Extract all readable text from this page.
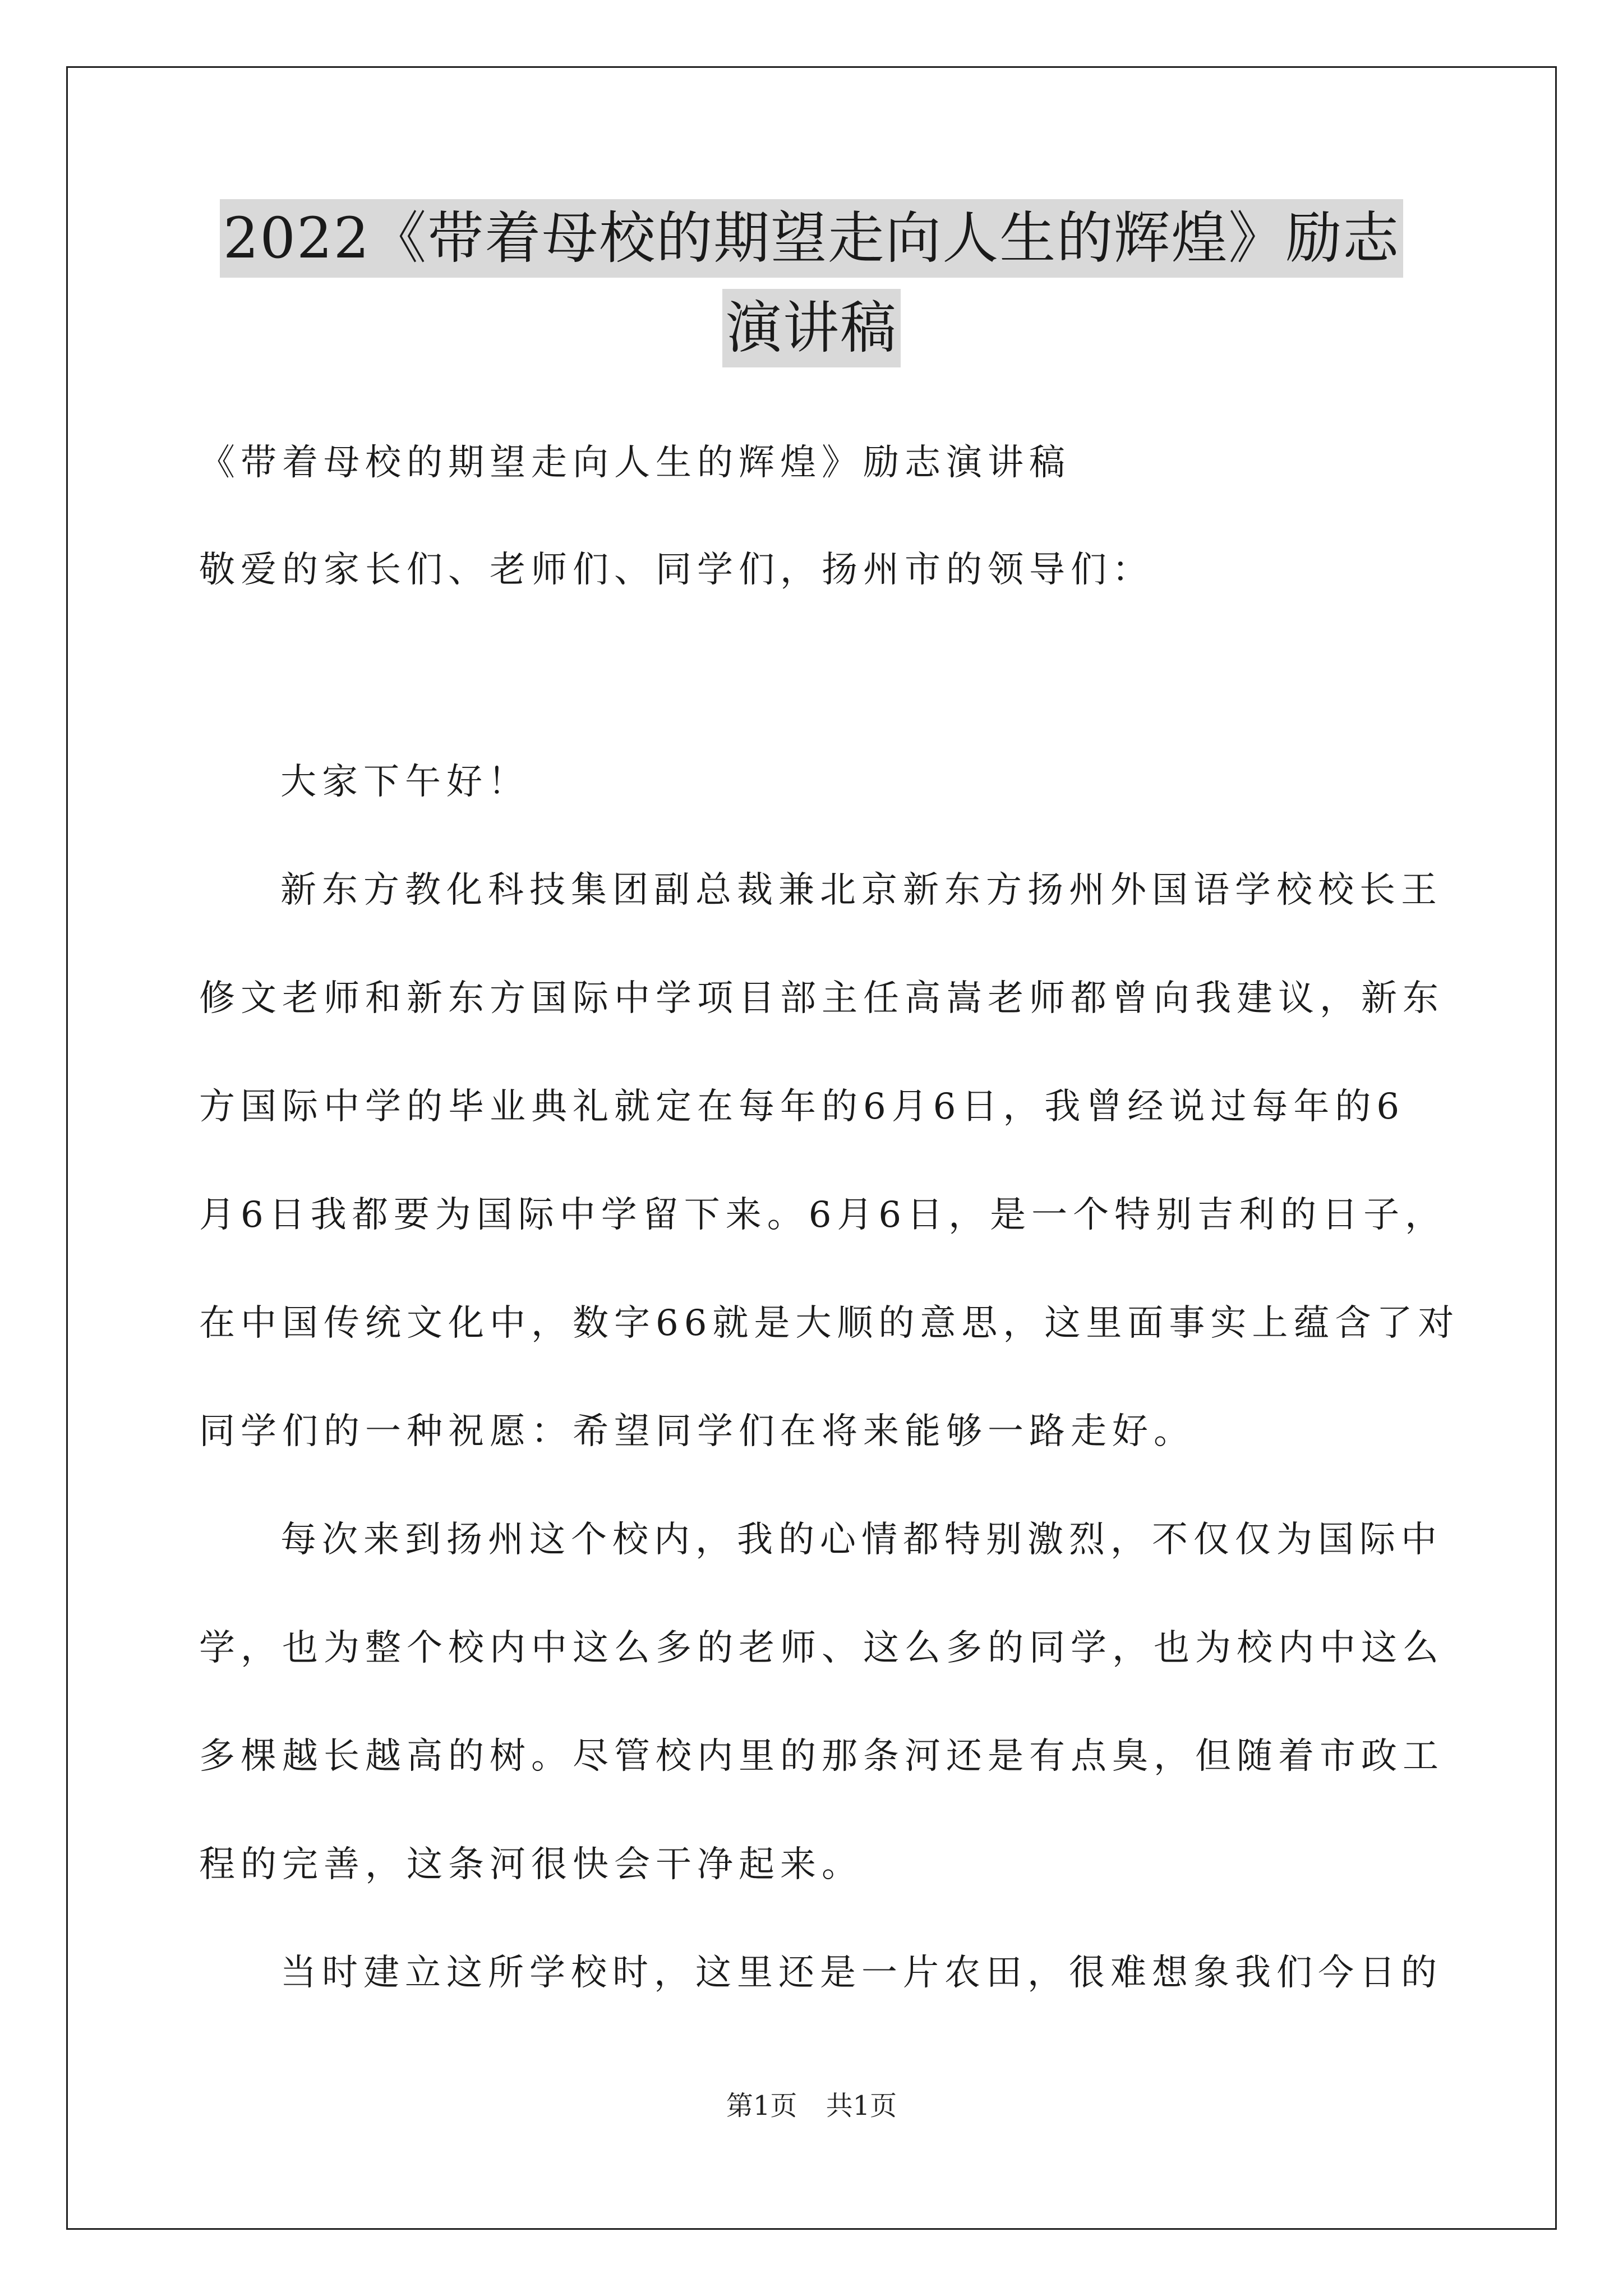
2022《带着母校的期望走向人生的辉煌》励志
演讲稿
《带着母校的期望走向人生的辉煌》励志演讲稿
敬爱的家长们、老师们、同学们，扬州市的领导们：
大家下午好！
新东方教化科技集团副总裁兼北京新东方扬州外国语学校校长王
修文老师和新东方国际中学项目部主任高嵩老师都曾向我建议，新东
方国际中学的毕业典礼就定在每年的6月6日，我曾经说过每年的6
月6日我都要为国际中学留下来。6月6日，是一个特别吉利的日子，
在中国传统文化中，数字66就是大顺的意思，这里面事实上蕴含了对
同学们的一种祝愿：希望同学们在将来能够一路走好。
每次来到扬州这个校内，我的心情都特别激烈，不仅仅为国际中
学，也为整个校内中这么多的老师、这么多的同学，也为校内中这么
多棵越长越高的树。尽管校内里的那条河还是有点臭，但随着市政工
程的完善，这条河很快会干净起来。
当时建立这所学校时，这里还是一片农田，很难想象我们今日的
第1页 共1页
